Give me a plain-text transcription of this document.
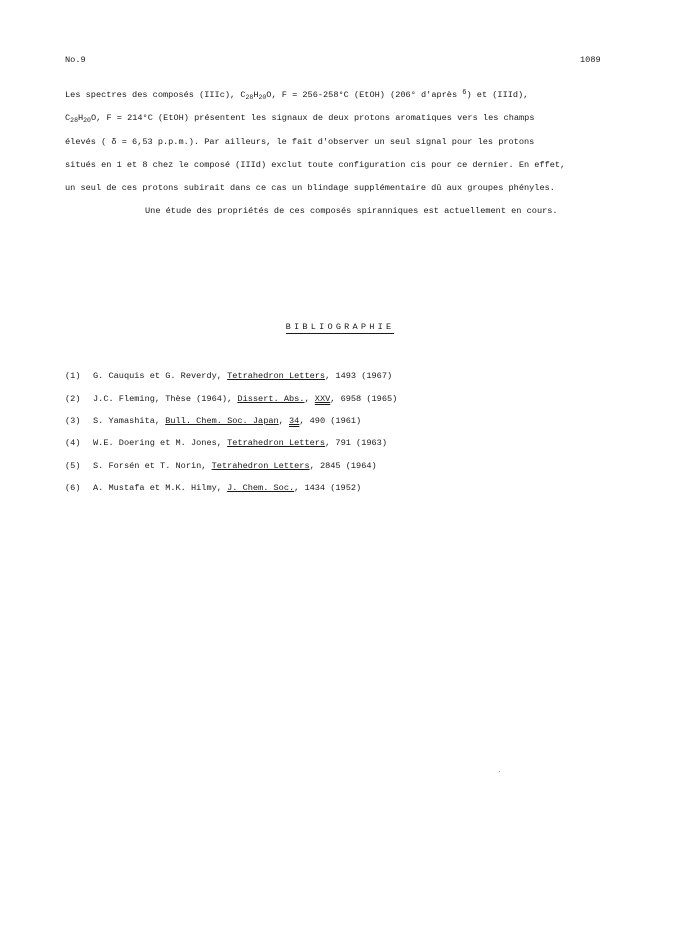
No.9	1089
Les spectres des composés (IIIc), $C_{28}H_{20}O$, F = 256-258°C (EtOH) (206° d'après $^6$) et (IIId),
$C_{28}H_{20}O$, F = 214°C (EtOH) présentent les signaux de deux protons aromatiques vers les champs
élevés ( δ = 6,53 p.p.m.). Par ailleurs, le fait d'observer un seul signal pour les protons
situés en 1 et 8 chez le composé (IIId) exclut toute configuration cis pour ce dernier. En effet,
un seul de ces protons subirait dans ce cas un blindage supplémentaire dû aux groupes phényles.
Une étude des propriétés de ces composés spiranniques est actuellement en cours.
BIBLIOGRAPHIE
(1) G. Cauquis et G. Reverdy, Tetrahedron Letters, 1493 (1967)
(2) J.C. Fleming, Thèse (1964), Dissert. Abs., XXV, 6958 (1965)
(3) S. Yamashita, Bull. Chem. Soc. Japan, 34, 490 (1961)
(4) W.E. Doering et M. Jones, Tetrahedron Letters, 791 (1963)
(5) S. Forsén et T. Norin, Tetrahedron Letters, 2845 (1964)
(6) A. Mustafa et M.K. Hilmy, J. Chem. Soc., 1434 (1952)
